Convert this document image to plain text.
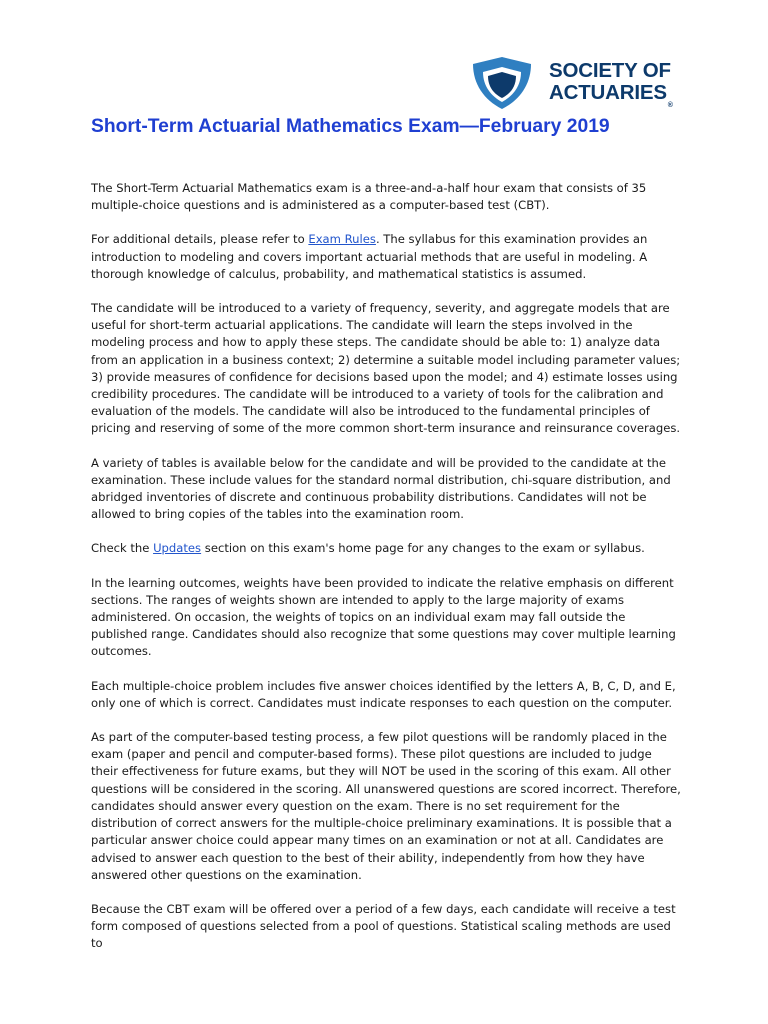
SOCIETY OF
ACTUARIES®
Short-Term Actuarial Mathematics Exam—February 2019

The Short-Term Actuarial Mathematics exam is a three-and-a-half hour exam that consists of 35 multiple-choice questions and is administered as a computer-based test (CBT).

For additional details, please refer to Exam Rules. The syllabus for this examination provides an introduction to modeling and covers important actuarial methods that are useful in modeling. A thorough knowledge of calculus, probability, and mathematical statistics is assumed.

The candidate will be introduced to a variety of frequency, severity, and aggregate models that are useful for short-term actuarial applications. The candidate will learn the steps involved in the modeling process and how to apply these steps. The candidate should be able to: 1) analyze data from an application in a business context; 2) determine a suitable model including parameter values; 3) provide measures of confidence for decisions based upon the model; and 4) estimate losses using credibility procedures. The candidate will be introduced to a variety of tools for the calibration and evaluation of the models. The candidate will also be introduced to the fundamental principles of pricing and reserving of some of the more common short-term insurance and reinsurance coverages.

A variety of tables is available below for the candidate and will be provided to the candidate at the examination. These include values for the standard normal distribution, chi-square distribution, and abridged inventories of discrete and continuous probability distributions. Candidates will not be allowed to bring copies of the tables into the examination room.

Check the Updates section on this exam's home page for any changes to the exam or syllabus.

In the learning outcomes, weights have been provided to indicate the relative emphasis on different sections. The ranges of weights shown are intended to apply to the large majority of exams administered. On occasion, the weights of topics on an individual exam may fall outside the published range. Candidates should also recognize that some questions may cover multiple learning outcomes.

Each multiple-choice problem includes five answer choices identified by the letters A, B, C, D, and E, only one of which is correct. Candidates must indicate responses to each question on the computer.

As part of the computer-based testing process, a few pilot questions will be randomly placed in the exam (paper and pencil and computer-based forms). These pilot questions are included to judge their effectiveness for future exams, but they will NOT be used in the scoring of this exam. All other questions will be considered in the scoring. All unanswered questions are scored incorrect. Therefore, candidates should answer every question on the exam. There is no set requirement for the distribution of correct answers for the multiple-choice preliminary examinations. It is possible that a particular answer choice could appear many times on an examination or not at all. Candidates are advised to answer each question to the best of their ability, independently from how they have answered other questions on the examination.

Because the CBT exam will be offered over a period of a few days, each candidate will receive a test form composed of questions selected from a pool of questions. Statistical scaling methods are used to
